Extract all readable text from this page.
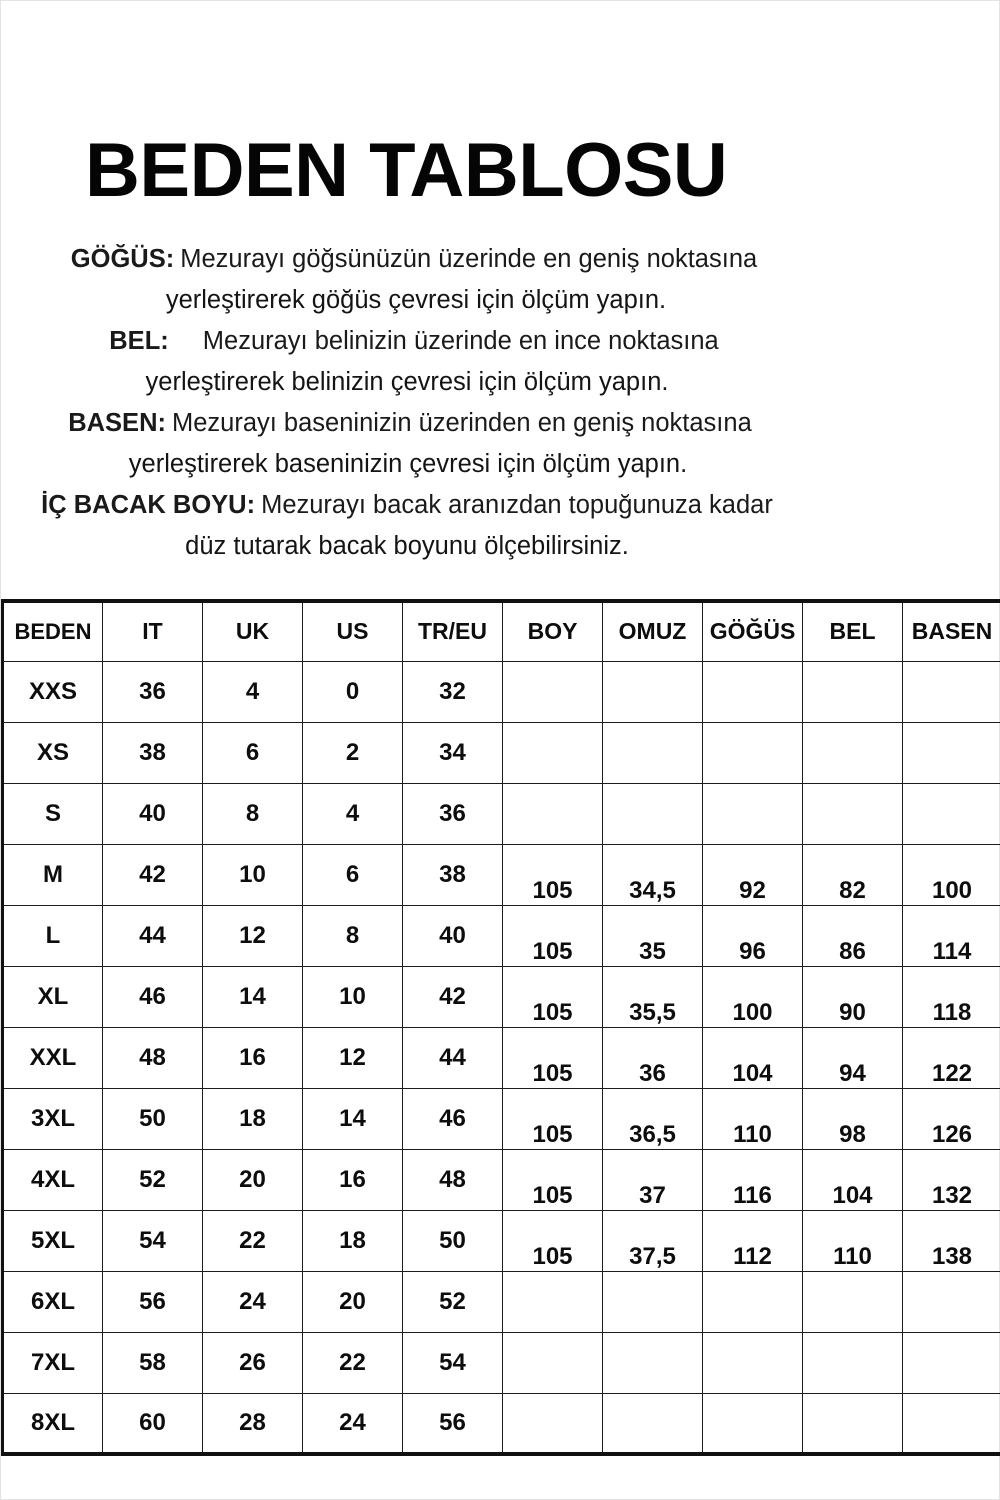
BEDEN TABLOSU
GÖĞÜS: Mezurayı göğsünüzün üzerinde en geniş noktasına
yerleştirerek göğüs çevresi için ölçüm yapın.
BEL: Mezurayı belinizin üzerinde en ince noktasına
yerleştirerek belinizin çevresi için ölçüm yapın.
BASEN: Mezurayı baseninizin üzerinden en geniş noktasına
yerleştirerek baseninizin çevresi için ölçüm yapın.
İÇ BACAK BOYU: Mezurayı bacak aranızdan topuğunuza kadar
düz tutarak bacak boyunu ölçebilirsiniz.
BEDEN	IT	UK	US	TR/EU	BOY	OMUZ	GÖĞÜS	BEL	BASEN
XXS	36	4	0	32					
XS	38	6	2	34					
S	40	8	4	36					
M	42	10	6	38	105	34,5	92	82	100
L	44	12	8	40	105	35	96	86	114
XL	46	14	10	42	105	35,5	100	90	118
XXL	48	16	12	44	105	36	104	94	122
3XL	50	18	14	46	105	36,5	110	98	126
4XL	52	20	16	48	105	37	116	104	132
5XL	54	22	18	50	105	37,5	112	110	138
6XL	56	24	20	52					
7XL	58	26	22	54					
8XL	60	28	24	56					
